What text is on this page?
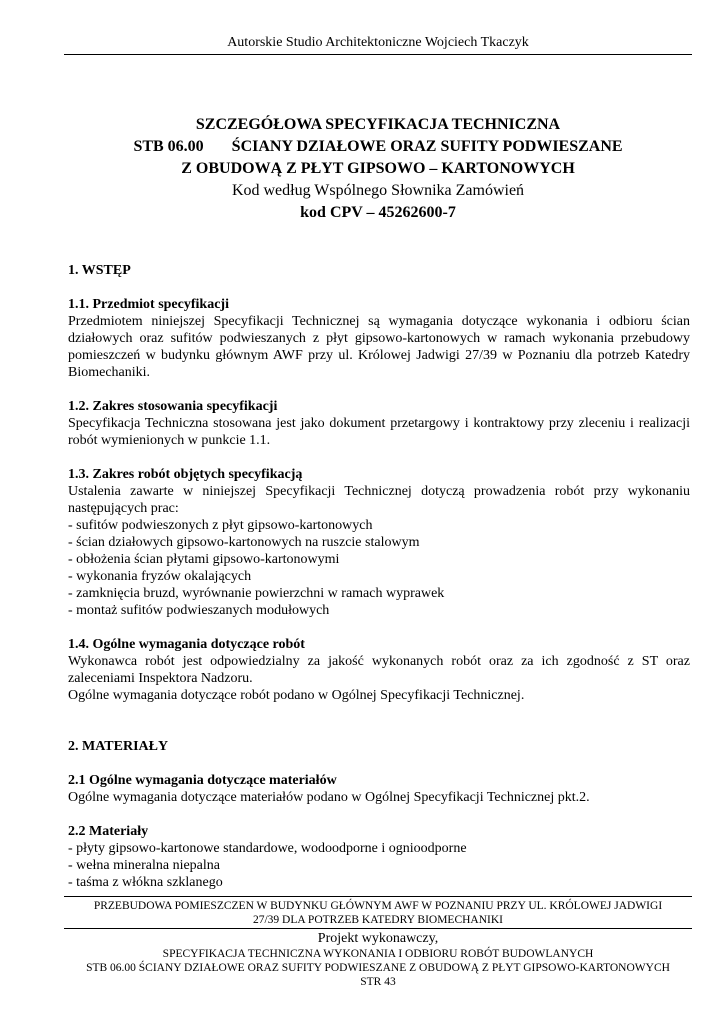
Autorskie Studio Architektoniczne Wojciech Tkaczyk
SZCZEGÓŁOWA SPECYFIKACJA TECHNICZNA
STB 06.00       ŚCIANY DZIAŁOWE ORAZ SUFITY PODWIESZANE
Z OBUDOWĄ Z PŁYT GIPSOWO – KARTONOWYCH
Kod według Wspólnego Słownika Zamówień
kod CPV – 45262600-7
1. WSTĘP
1.1. Przedmiot specyfikacji
Przedmiotem niniejszej Specyfikacji Technicznej są wymagania dotyczące wykonania i odbioru ścian działowych oraz sufitów podwieszanych z płyt gipsowo-kartonowych w ramach wykonania przebudowy pomieszczeń w budynku głównym AWF przy ul. Królowej Jadwigi 27/39 w Poznaniu dla potrzeb Katedry Biomechaniki.
1.2. Zakres stosowania specyfikacji
Specyfikacja Techniczna stosowana jest jako dokument przetargowy i kontraktowy przy zleceniu i realizacji robót wymienionych w punkcie 1.1.
1.3. Zakres robót objętych specyfikacją
Ustalenia zawarte w niniejszej Specyfikacji Technicznej dotyczą prowadzenia robót przy wykonaniu następujących prac:
- sufitów podwieszonych z płyt gipsowo-kartonowych
- ścian działowych gipsowo-kartonowych na ruszcie stalowym
- obłożenia ścian płytami gipsowo-kartonowymi
- wykonania fryzów okalających
- zamknięcia bruzd, wyrównanie powierzchni w ramach wyprawek
- montaż sufitów podwieszanych modułowych
1.4. Ogólne wymagania dotyczące robót
Wykonawca robót jest odpowiedzialny za jakość wykonanych robót oraz za ich zgodność z ST oraz zaleceniami Inspektora Nadzoru.
Ogólne wymagania dotyczące robót podano w Ogólnej Specyfikacji Technicznej.
2. MATERIAŁY
2.1 Ogólne wymagania dotyczące materiałów
Ogólne wymagania dotyczące materiałów podano w Ogólnej Specyfikacji Technicznej pkt.2.
2.2 Materiały
- płyty gipsowo-kartonowe standardowe, wodoodporne i ognioodporne
- wełna mineralna niepalna
- taśma z włókna szklanego
PRZEBUDOWA POMIESZCZEN W BUDYNKU GŁÓWNYM AWF W POZNANIU PRZY UL. KRÓLOWEJ JADWIGI
27/39 DLA POTRZEB KATEDRY BIOMECHANIKI
Projekt wykonawczy,
SPECYFIKACJA TECHNICZNA WYKONANIA I ODBIORU ROBÓT BUDOWLANYCH
STB 06.00 ŚCIANY DZIAŁOWE ORAZ SUFITY PODWIESZANE Z OBUDOWĄ Z PŁYT GIPSOWO-KARTONOWYCH
STR 43
